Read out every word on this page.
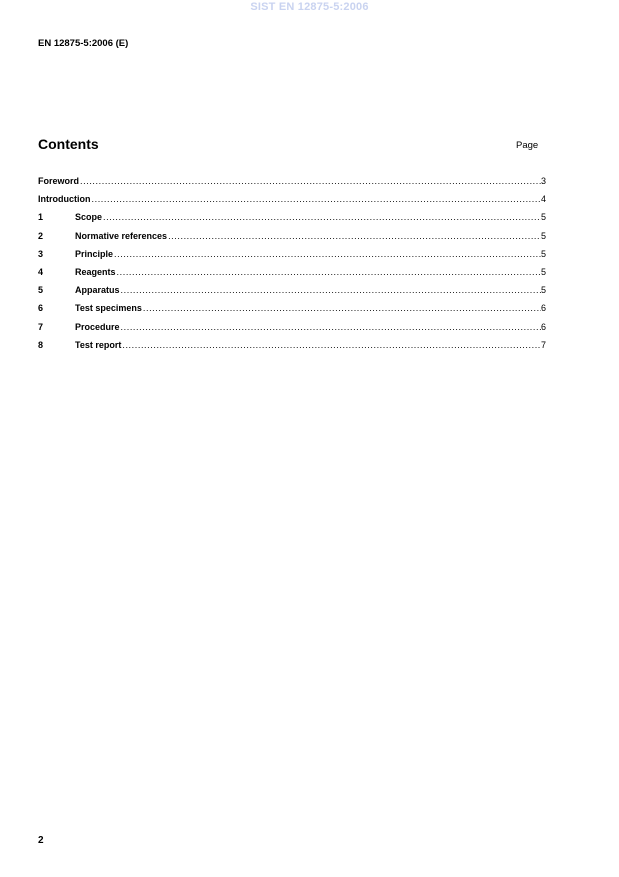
SIST EN 12875-5:2006
EN 12875-5:2006 (E)
Contents	Page
Foreword .....	3
Introduction .....	4
1	Scope .....	5
2	Normative references .....	5
3	Principle .....	5
4	Reagents .....	5
5	Apparatus .....	5
6	Test specimens .....	6
7	Procedure .....	6
8	Test report .....	7
2
